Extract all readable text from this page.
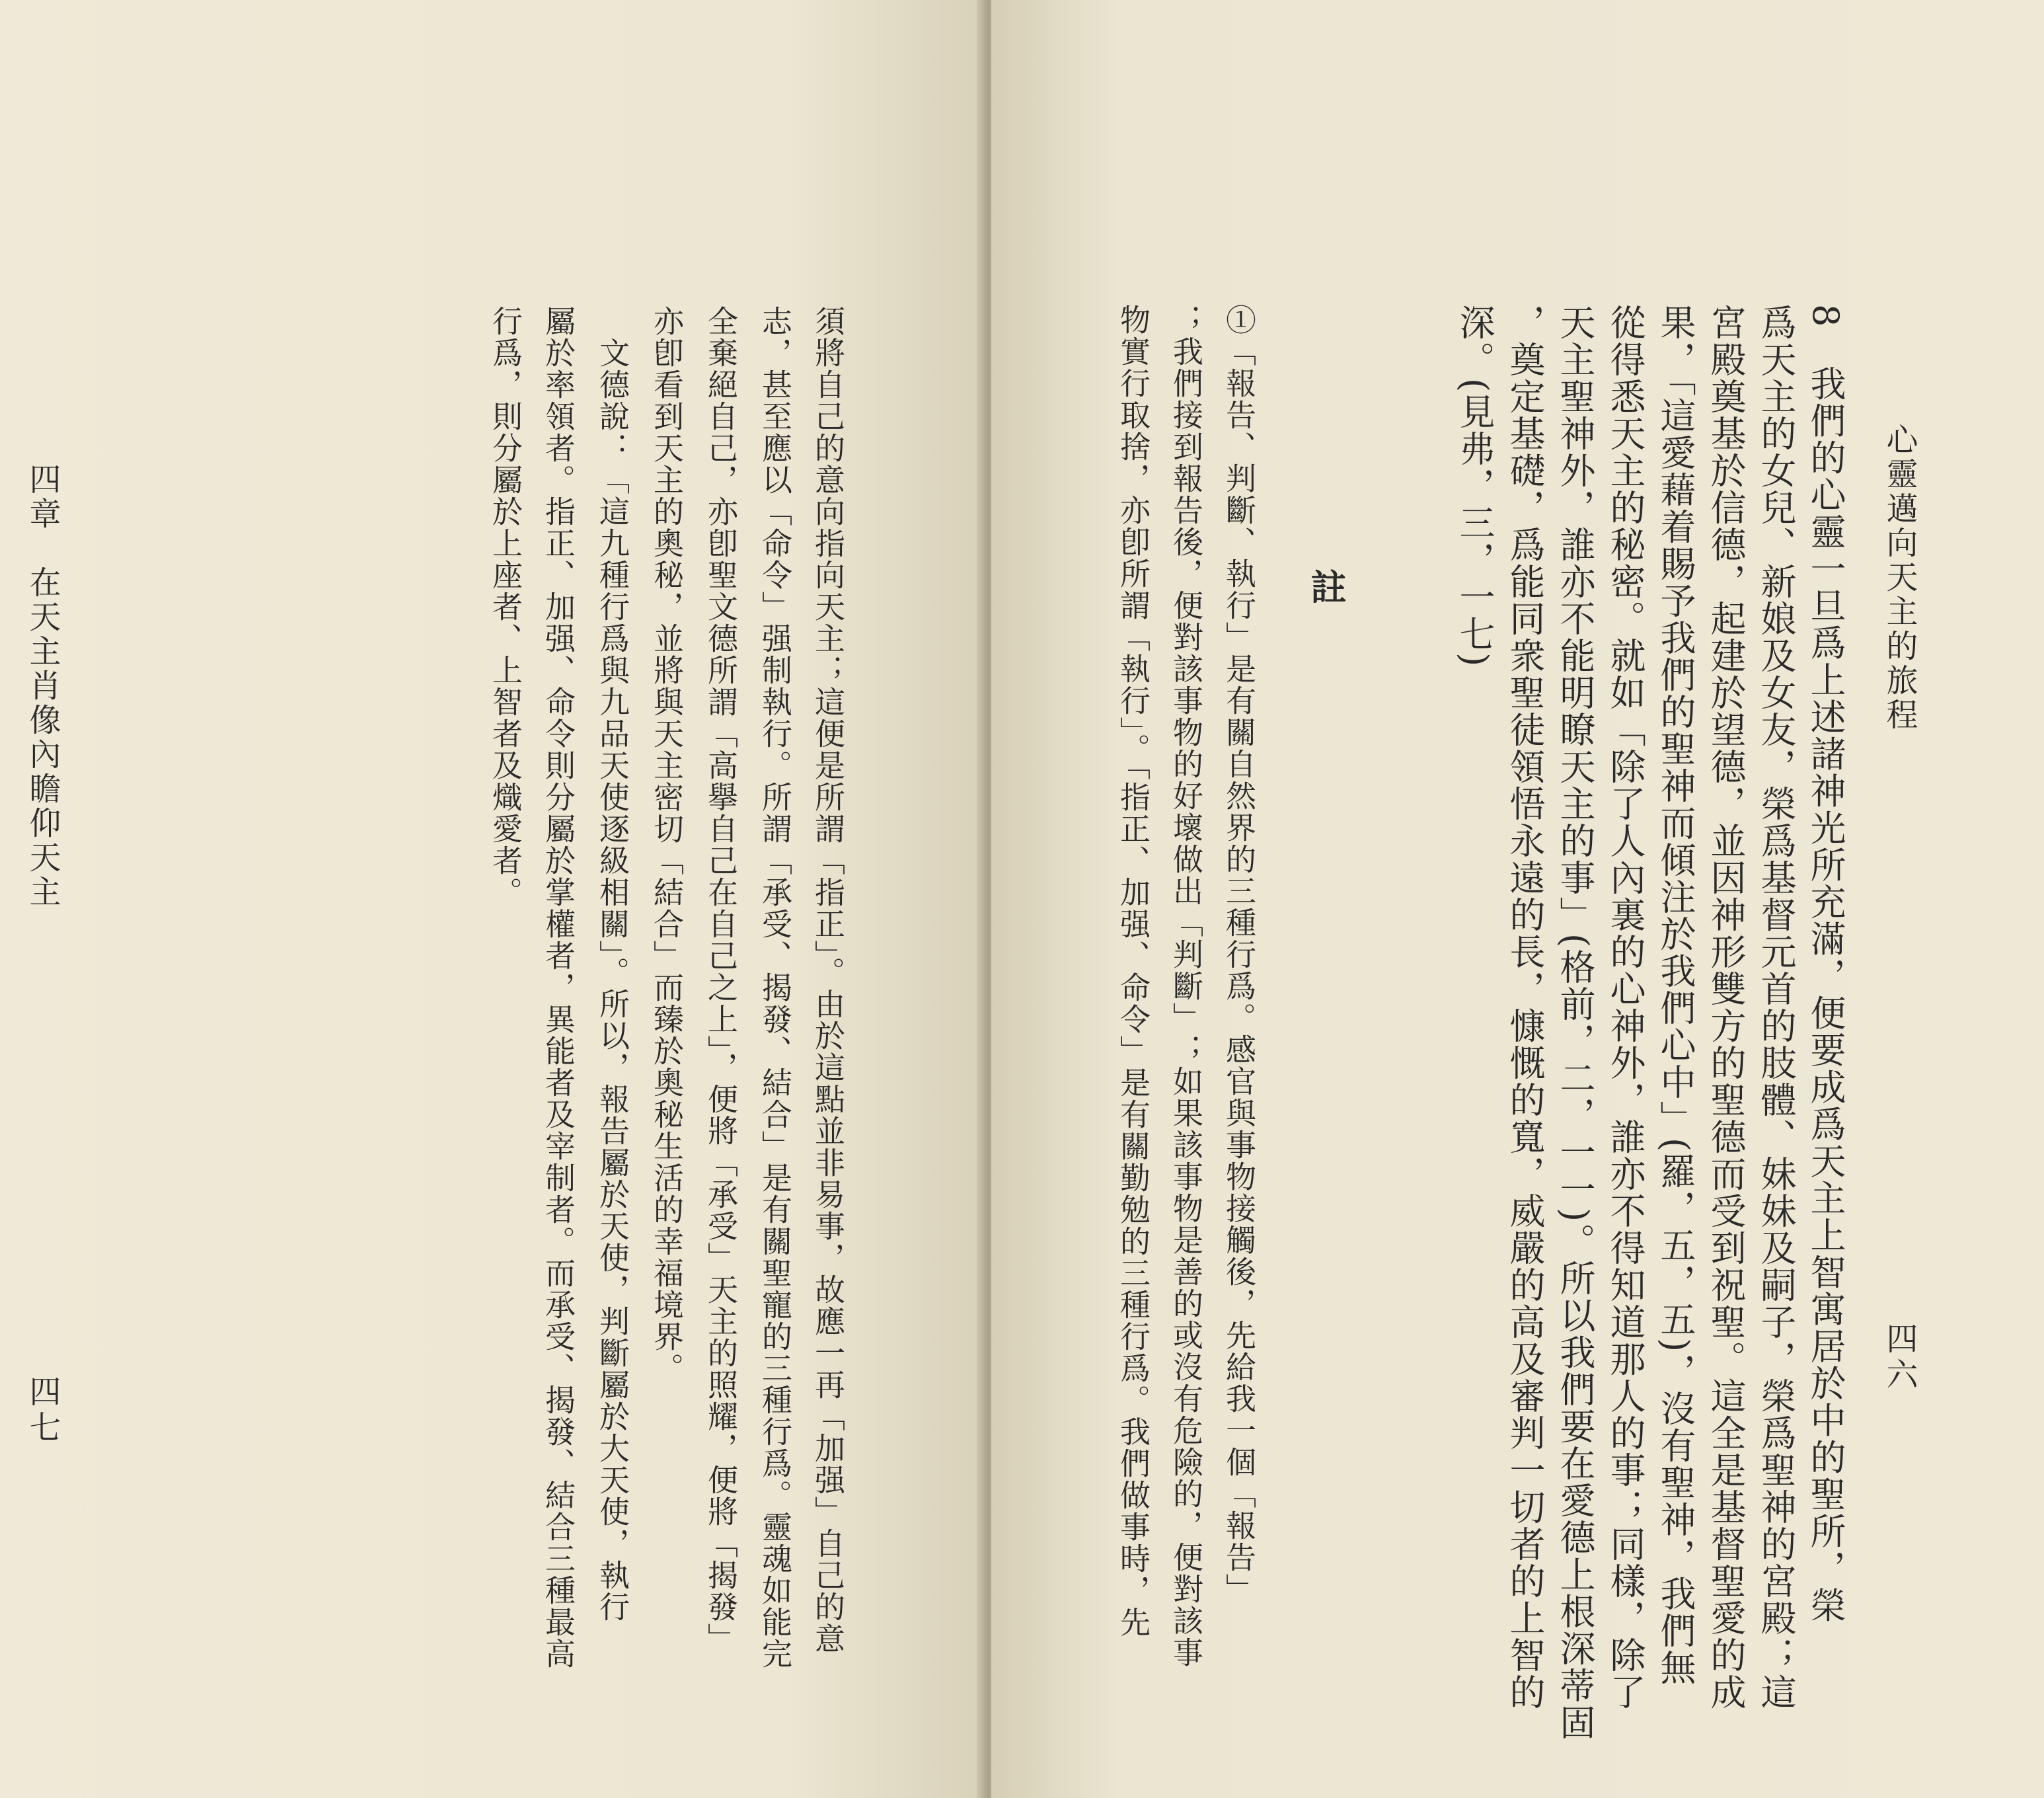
須將自己的意向指向天主；這便是所謂「指正」。由於這點並非易事，故應一再「加强」自己的意
志，甚至應以「命令」强制執行。所謂「承受、揭發、結合」是有關聖寵的三種行爲。靈魂如能完
全棄絕自己，亦卽聖文德所謂「高擧自己在自己之上」，便將「承受」天主的照耀，便將「揭發」
亦卽看到天主的奧秘，並將與天主密切「結合」而臻於奧秘生活的幸福境界。
　文德說：「這九種行爲與九品天使逐級相關」。所以，報告屬於天使，判斷屬於大天使，執行
屬於率領者。指正、加强、命令則分屬於掌權者，異能者及宰制者。而承受、揭發、結合三種最高
行爲，則分屬於上座者、上智者及熾愛者。
四章　在天主肖像內瞻仰天主
四七
心靈邁向天主的旅程
四六
8　我們的心靈一旦爲上述諸神光所充滿，便要成爲天主上智寓居於中的聖所，榮
爲天主的女兒、新娘及女友，榮爲基督元首的肢體、妹妹及嗣子，榮爲聖神的宮殿；這
宮殿奠基於信德，起建於望德，並因神形雙方的聖德而受到祝聖。這全是基督聖愛的成
果，「這愛藉着賜予我們的聖神而傾注於我們心中」(羅，五，五)，沒有聖神，我們無
從得悉天主的秘密。就如「除了人內裏的心神外，誰亦不得知道那人的事；同樣，除了
天主聖神外，誰亦不能明瞭天主的事」(格前，二，一一)。所以我們要在愛德上根深蒂固
，奠定基礎，爲能同衆聖徒領悟永遠的長，慷慨的寬，威嚴的高及審判一切者的上智的
深。(見弗，三，一七)
註
①「報告、判斷、執行」是有關自然界的三種行爲。感官與事物接觸後，先給我一個「報告」
；我們接到報告後，便對該事物的好壞做出「判斷」；如果該事物是善的或沒有危險的，便對該事
物實行取捨，亦卽所謂「執行」。「指正、加强、命令」是有關勤勉的三種行爲。我們做事時，先
